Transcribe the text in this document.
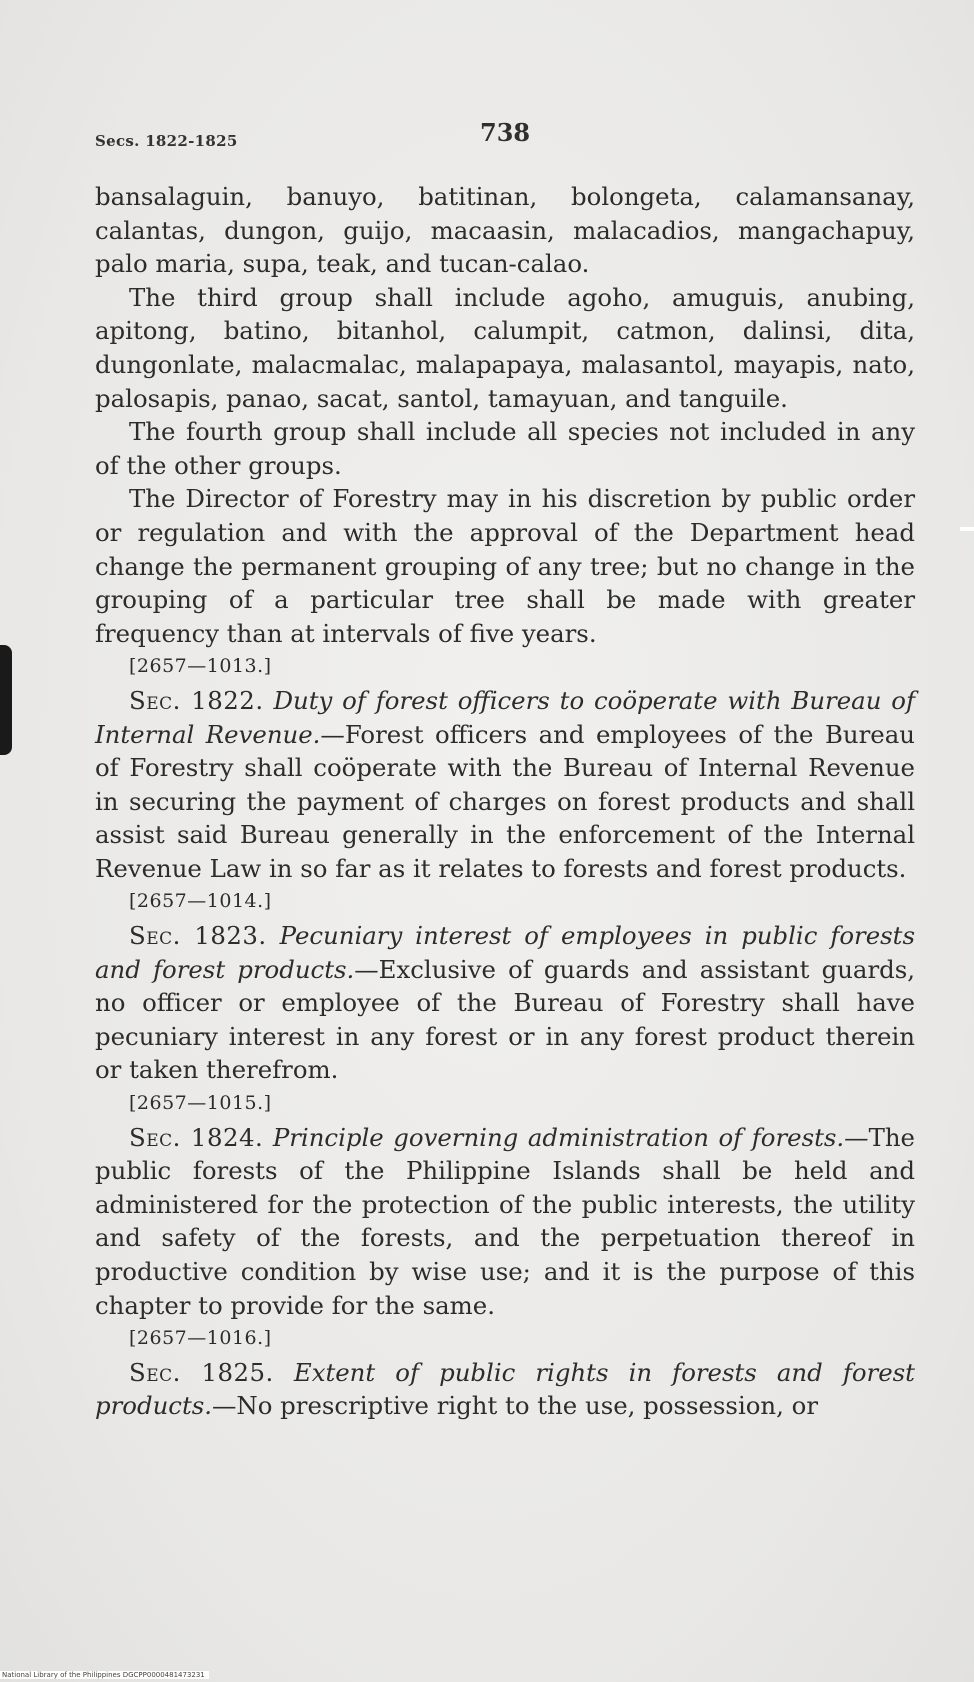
Secs. 1822-1825	738

bansalaguin, banuyo, batitinan, bolongeta, calamansanay, calantas, dungon, guijo, macaasin, malacadios, mangachapuy, palo maria, supa, teak, and tucan-calao.

The third group shall include agoho, amuguis, anubing, apitong, batino, bitanhol, calumpit, catmon, dalinsi, dita, dungonlate, malacmalac, malapapaya, malasantol, mayapis, nato, palosapis, panao, sacat, santol, tamayuan, and tanguile.

The fourth group shall include all species not included in any of the other groups.

The Director of Forestry may in his discretion by public order or regulation and with the approval of the Department head change the permanent grouping of any tree; but no change in the grouping of a particular tree shall be made with greater frequency than at intervals of five years.

[2657—1013.]

Sec. 1822. Duty of forest officers to coöperate with Bureau of Internal Revenue.—Forest officers and employees of the Bureau of Forestry shall coöperate with the Bureau of Internal Revenue in securing the payment of charges on forest products and shall assist said Bureau generally in the enforcement of the Internal Revenue Law in so far as it relates to forests and forest products.

[2657—1014.]

Sec. 1823. Pecuniary interest of employees in public forests and forest products.—Exclusive of guards and assistant guards, no officer or employee of the Bureau of Forestry shall have pecuniary interest in any forest or in any forest product therein or taken therefrom.

[2657—1015.]

Sec. 1824. Principle governing administration of forests.—The public forests of the Philippine Islands shall be held and administered for the protection of the public interests, the utility and safety of the forests, and the perpetuation thereof in productive condition by wise use; and it is the purpose of this chapter to provide for the same.

[2657—1016.]

Sec. 1825. Extent of public rights in forests and forest products.—No prescriptive right to the use, possession, or

National Library of the Philippines DGCPP0000481473231
